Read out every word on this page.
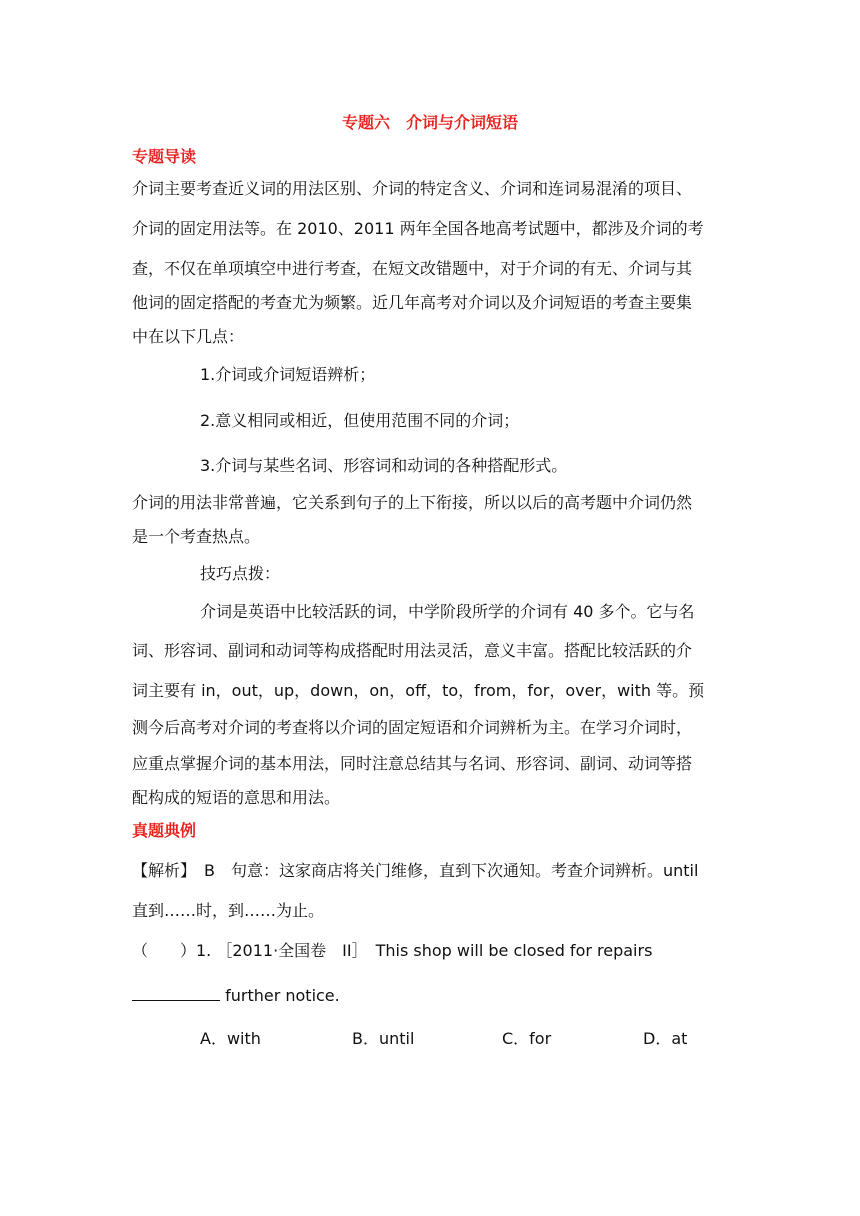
专题六　介词与介词短语
专题导读
介词主要考查近义词的用法区别、介词的特定含义、介词和连词易混淆的项目、
介词的固定用法等。在 2010、2011 两年全国各地高考试题中，都涉及介词的考
查，不仅在单项填空中进行考查，在短文改错题中，对于介词的有无、介词与其
他词的固定搭配的考查尤为频繁。近几年高考对介词以及介词短语的考查主要集
中在以下几点：
1.介词或介词短语辨析；
2.意义相同或相近，但使用范围不同的介词；
3.介词与某些名词、形容词和动词的各种搭配形式。
介词的用法非常普遍，它关系到句子的上下衔接，所以以后的高考题中介词仍然
是一个考查热点。
技巧点拨：
介词是英语中比较活跃的词，中学阶段所学的介词有 40 多个。它与名
词、形容词、副词和动词等构成搭配时用法灵活，意义丰富。搭配比较活跃的介
词主要有 in，out，up，down，on，off，to，from，for，over，with 等。预
测今后高考对介词的考查将以介词的固定短语和介词辨析为主。在学习介词时，
应重点掌握介词的基本用法，同时注意总结其与名词、形容词、副词、动词等搭
配构成的短语的意思和用法。
真题典例
【解析】　B　句意：这家商店将关门维修，直到下次通知。考查介词辨析。until
直到……时，到……为止。
（　　）1. ［2011·全国卷　II］　This shop will be closed for repairs
further notice.
A．with	B．until	C．for	D．at
